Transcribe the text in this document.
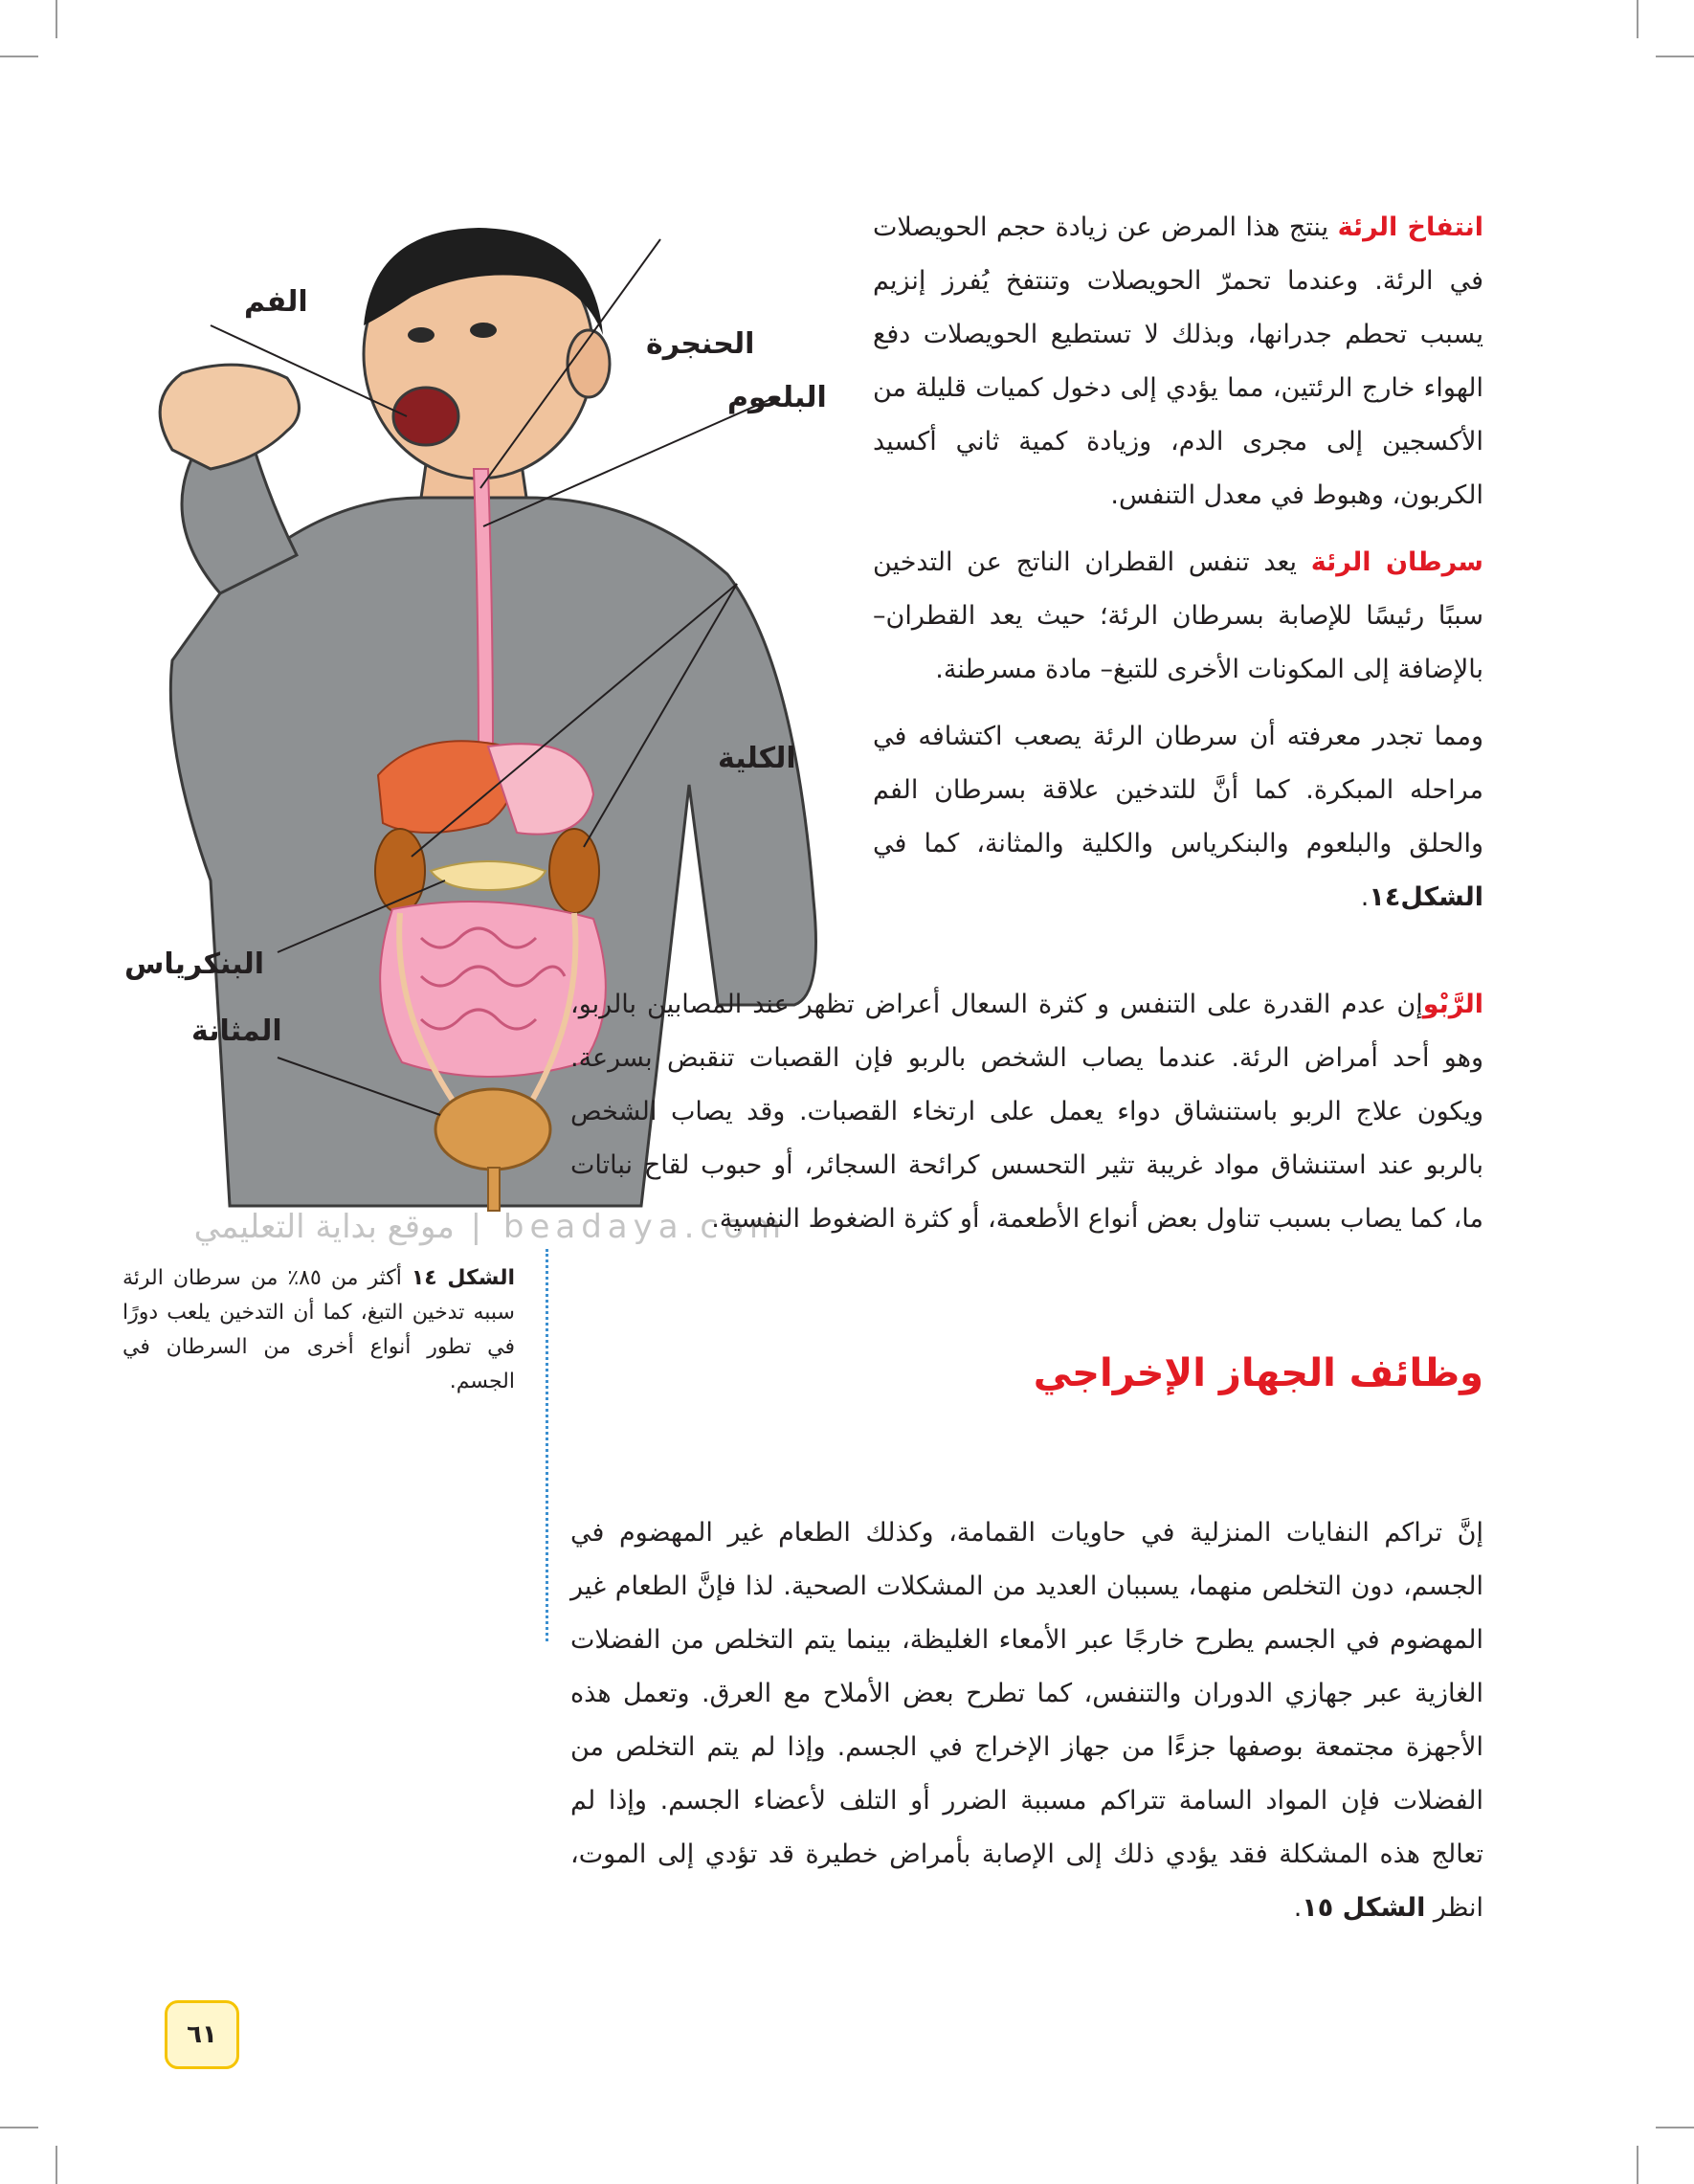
الفم
الحنجرة
البلعوم
الكلية
البنكرياس
المثانة
beadaya.com | موقع بداية التعليمي

انتفاخ الرئة ينتج هذا المرض عن زيادة حجم الحويصلات في الرئة. وعندما تحمرّ الحويصلات وتنتفخ يُفرز إنزيم يسبب تحطم جدرانها، وبذلك لا تستطيع الحويصلات دفع الهواء خارج الرئتين، مما يؤدي إلى دخول كميات قليلة من الأكسجين إلى مجرى الدم، وزيادة كمية ثاني أكسيد الكربون، وهبوط في معدل التنفس.

سرطان الرئة يعد تنفس القطران الناتج عن التدخين سببًا رئيسًا للإصابة بسرطان الرئة؛ حيث يعد القطران– بالإضافة إلى المكونات الأخرى للتبغ– مادة مسرطنة.

ومما تجدر معرفته أن سرطان الرئة يصعب اكتشافه في مراحله المبكرة. كما أنَّ للتدخين علاقة بسرطان الفم والحلق والبلعوم والبنكرياس والكلية والمثانة، كما في الشكل١٤.

الرَّبْوإن عدم القدرة على التنفس و كثرة السعال أعراض تظهر عند المصابين بالربو، وهو أحد أمراض الرئة. عندما يصاب الشخص بالربو فإن القصبات تنقبض بسرعة. ويكون علاج الربو باستنشاق دواء يعمل على ارتخاء القصبات. وقد يصاب الشخص بالربو عند استنشاق مواد غريبة تثير التحسس كرائحة السجائر، أو حبوب لقاح نباتات ما، كما يصاب بسبب تناول بعض أنواع الأطعمة، أو كثرة الضغوط النفسية.

وظائف الجهاز الإخراجي

إنَّ تراكم النفايات المنزلية في حاويات القمامة، وكذلك الطعام غير المهضوم في الجسم، دون التخلص منهما، يسببان العديد من المشكلات الصحية. لذا فإنَّ الطعام غير المهضوم في الجسم يطرح خارجًا عبر الأمعاء الغليظة، بينما يتم التخلص من الفضلات الغازية عبر جهازي الدوران والتنفس، كما تطرح بعض الأملاح مع العرق. وتعمل هذه الأجهزة مجتمعة بوصفها جزءًا من جهاز الإخراج في الجسم. وإذا لم يتم التخلص من الفضلات فإن المواد السامة تتراكم مسببة الضرر أو التلف لأعضاء الجسم. وإذا لم تعالج هذه المشكلة فقد يؤدي ذلك إلى الإصابة بأمراض خطيرة قد تؤدي إلى الموت، انظر الشكل ١٥.

الشكل ١٤أكثر من ٨٥٪ من سرطان الرئة سببه تدخين التبغ، كما أن التدخين يلعب دورًا في تطور أنواع أخرى من السرطان في الجسم.
٦١
